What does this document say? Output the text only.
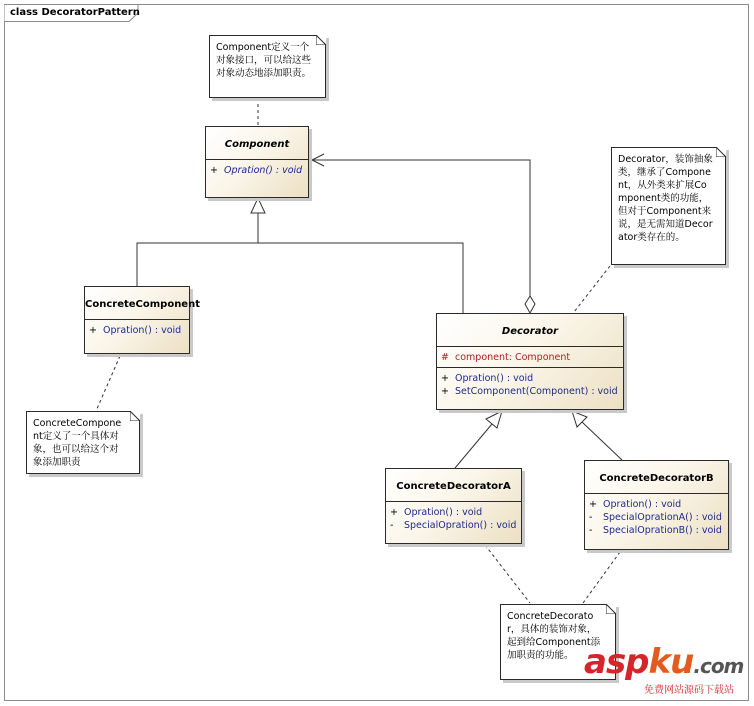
class DecoratorPattern
Component定义一个对象接口，可以给这些对象动态地添加职责。
Decorator，装饰抽象类，继承了Component，从外类来扩展Component类的功能，但对于Component来说，是无需知道Decorator类存在的。
ConcreteComponent定义了一个具体对象，也可以给这个对象添加职责
ConcreteDecorator，具体的装饰对象，起到给Component添加职责的功能。
Component
+ Opration() : void
ConcreteComponent
+ Opration() : void	Decorator
# component: Component
+ Opration() : void
+ SetComponent(Component) : void
ConcreteDecoratorA
+ Opration() : void
-	SpecialOpration() : void
ConcreteDecoratorB
+ Opration() : void
-	SpecialOprationA() : void
-	SpecialOprationB() : void
aspku.com
免费网站源码下载站
